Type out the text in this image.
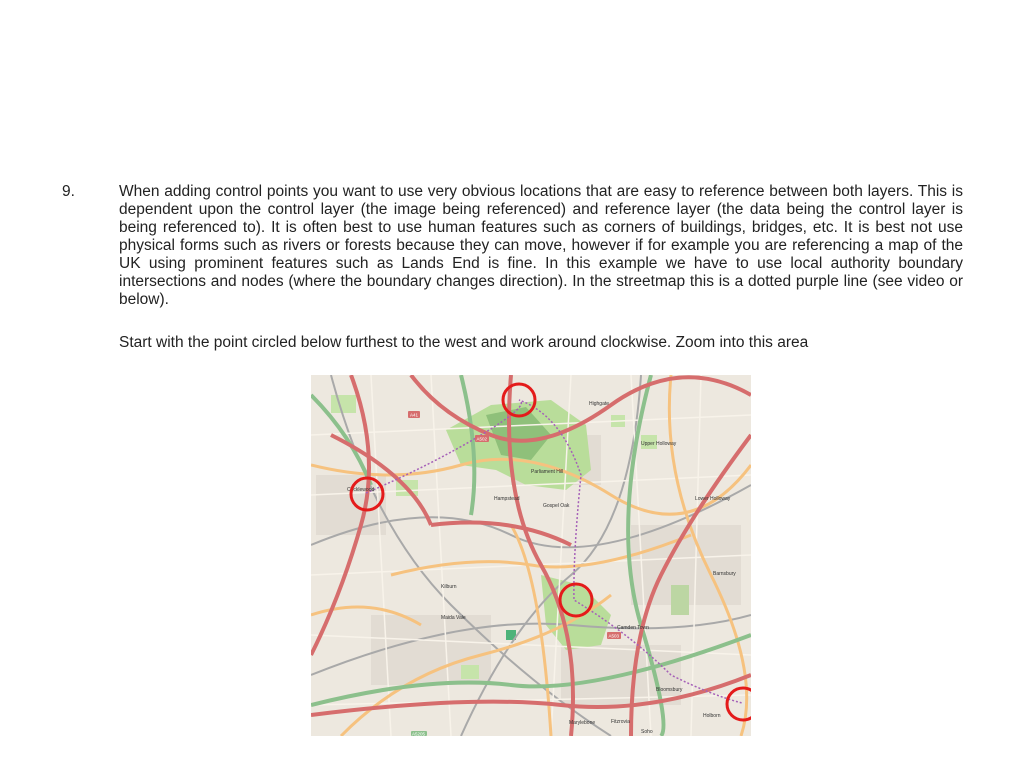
9.	When adding control points you want to use very obvious locations that are easy to reference between both layers. This is dependent upon the control layer (the image being referenced) and reference layer (the data being the control layer is being referenced to). It is often best to use human features such as corners of buildings, bridges, etc. It is best not use physical forms such as rivers or forests because they can move, however if for example you are referencing a map of the UK using prominent features such as Lands End is fine. In this example we have to use local authority boundary intersections and nodes (where the boundary changes direction). In the streetmap this is a dotted purple line (see video or below).

Start with the point circled below furthest to the west and work around clockwise. Zoom into this area

Highgate
Upper Holloway
Hampstead
Gospel Oak
Parliament Hill
Lower Holloway
Barnsbury
Kilburn
Maida Vale
Camden Town
Marylebone	Fitzrovia
Bloomsbury
Holborn
Soho
Cricklewood
A41
A502
A503
A5205
